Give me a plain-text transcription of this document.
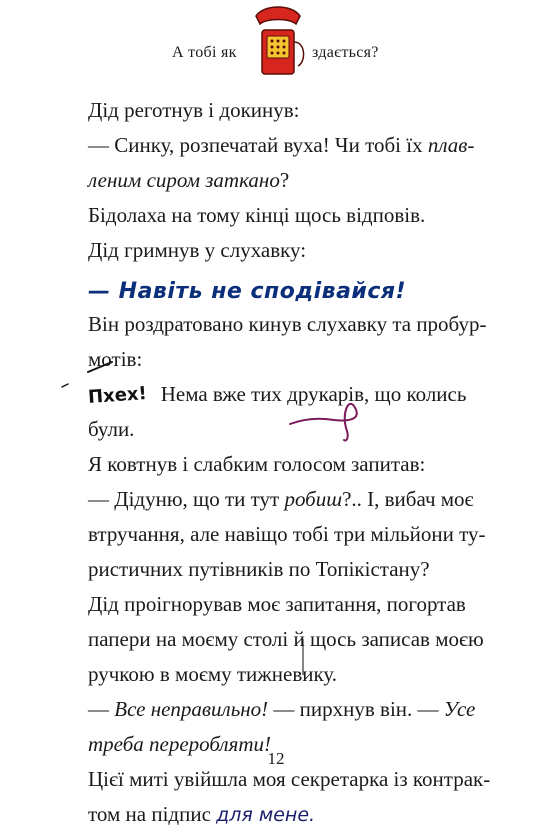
А тобі як	здається?
Дід реготнув і докинув:
— Синку, розпечатай вуха! Чи тобі їх плав-
леним сиром заткано?
Бідолаха на тому кінці щось відповів.
Дід гримнув у слухавку:
— Навіть не сподівайся!
Він роздратовано кинув слухавку та пробур-
мотів:
Пхех! Нема вже тих друкарів, що колись
були.
Я ковтнув і слабким голосом запитав:
— Дідуню, що ти тут робиш?.. І, вибач моє
втручання, але навіщо тобі три мільйони ту-
ристичних путівників по Топікістану?
Дід проігнорував моє запитання, погортав
папери на моєму столі й щось записав моєю
ручкою в моєму тижневику.
— Все неправильно! — пирхнув він. — Усе
треба переробляти!
Цієї миті увійшла моя секретарка із контрак-
том на підпис для мене.
12
